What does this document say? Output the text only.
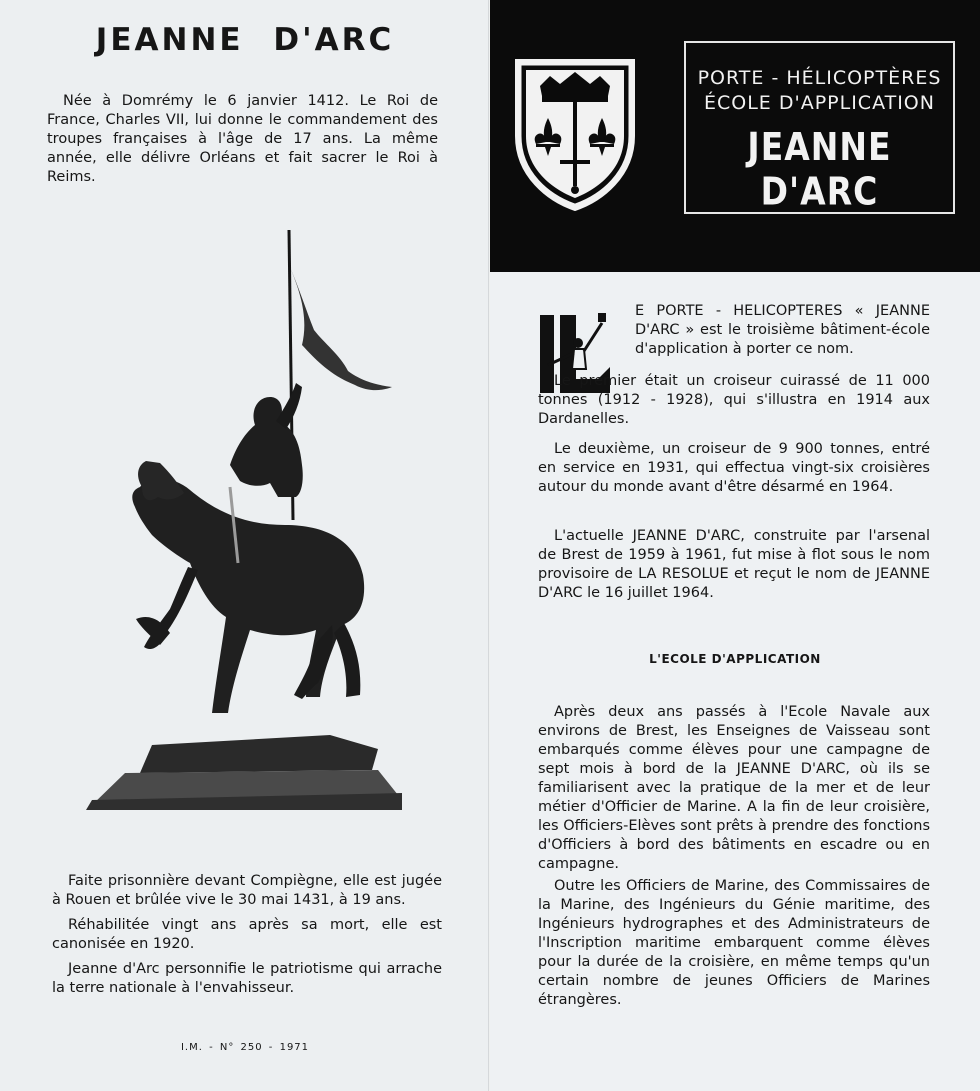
JEANNE D'ARC

Née à Domrémy le 6 janvier 1412. Le Roi de France, Charles VII, lui donne le commandement des troupes françaises à l'âge de 17 ans. La même année, elle délivre Orléans et fait sacrer le Roi à Reims.

Faite prisonnière devant Compiègne, elle est jugée à Rouen et brûlée vive le 30 mai 1431, à 19 ans.

Réhabilitée vingt ans après sa mort, elle est canonisée en 1920.

Jeanne d'Arc personnifie le patriotisme qui arrache la terre nationale à l'envahisseur.

I.M. - N° 250 - 1971
PORTE - HÉLICOPTÈRES
ÉCOLE D'APPLICATION
JEANNE D'ARC

E PORTE - HELICOPTERES « JEANNE D'ARC » est le troisième bâtiment-école d'application à porter ce nom.

Le premier était un croiseur cuirassé de 11 000 tonnes (1912 - 1928), qui s'illustra en 1914 aux Dardanelles.

Le deuxième, un croiseur de 9 900 tonnes, entré en service en 1931, qui effectua vingt-six croisières autour du monde avant d'être désarmé en 1964.

L'actuelle JEANNE D'ARC, construite par l'arsenal de Brest de 1959 à 1961, fut mise à flot sous le nom provisoire de LA RESOLUE et reçut le nom de JEANNE D'ARC le 16 juillet 1964.

L'ECOLE D'APPLICATION

Après deux ans passés à l'Ecole Navale aux environs de Brest, les Enseignes de Vaisseau sont embarqués comme élèves pour une campagne de sept mois à bord de la JEANNE D'ARC, où ils se familiarisent avec la pratique de la mer et de leur métier d'Officier de Marine. A la fin de leur croisière, les Officiers-Elèves sont prêts à prendre des fonctions d'Officiers à bord des bâtiments en escadre ou en campagne.

Outre les Officiers de Marine, des Commissaires de la Marine, des Ingénieurs du Génie maritime, des Ingénieurs hydrographes et des Administrateurs de l'Inscription maritime embarquent comme élèves pour la durée de la croisière, en même temps qu'un certain nombre de jeunes Officiers de Marines étrangères.
